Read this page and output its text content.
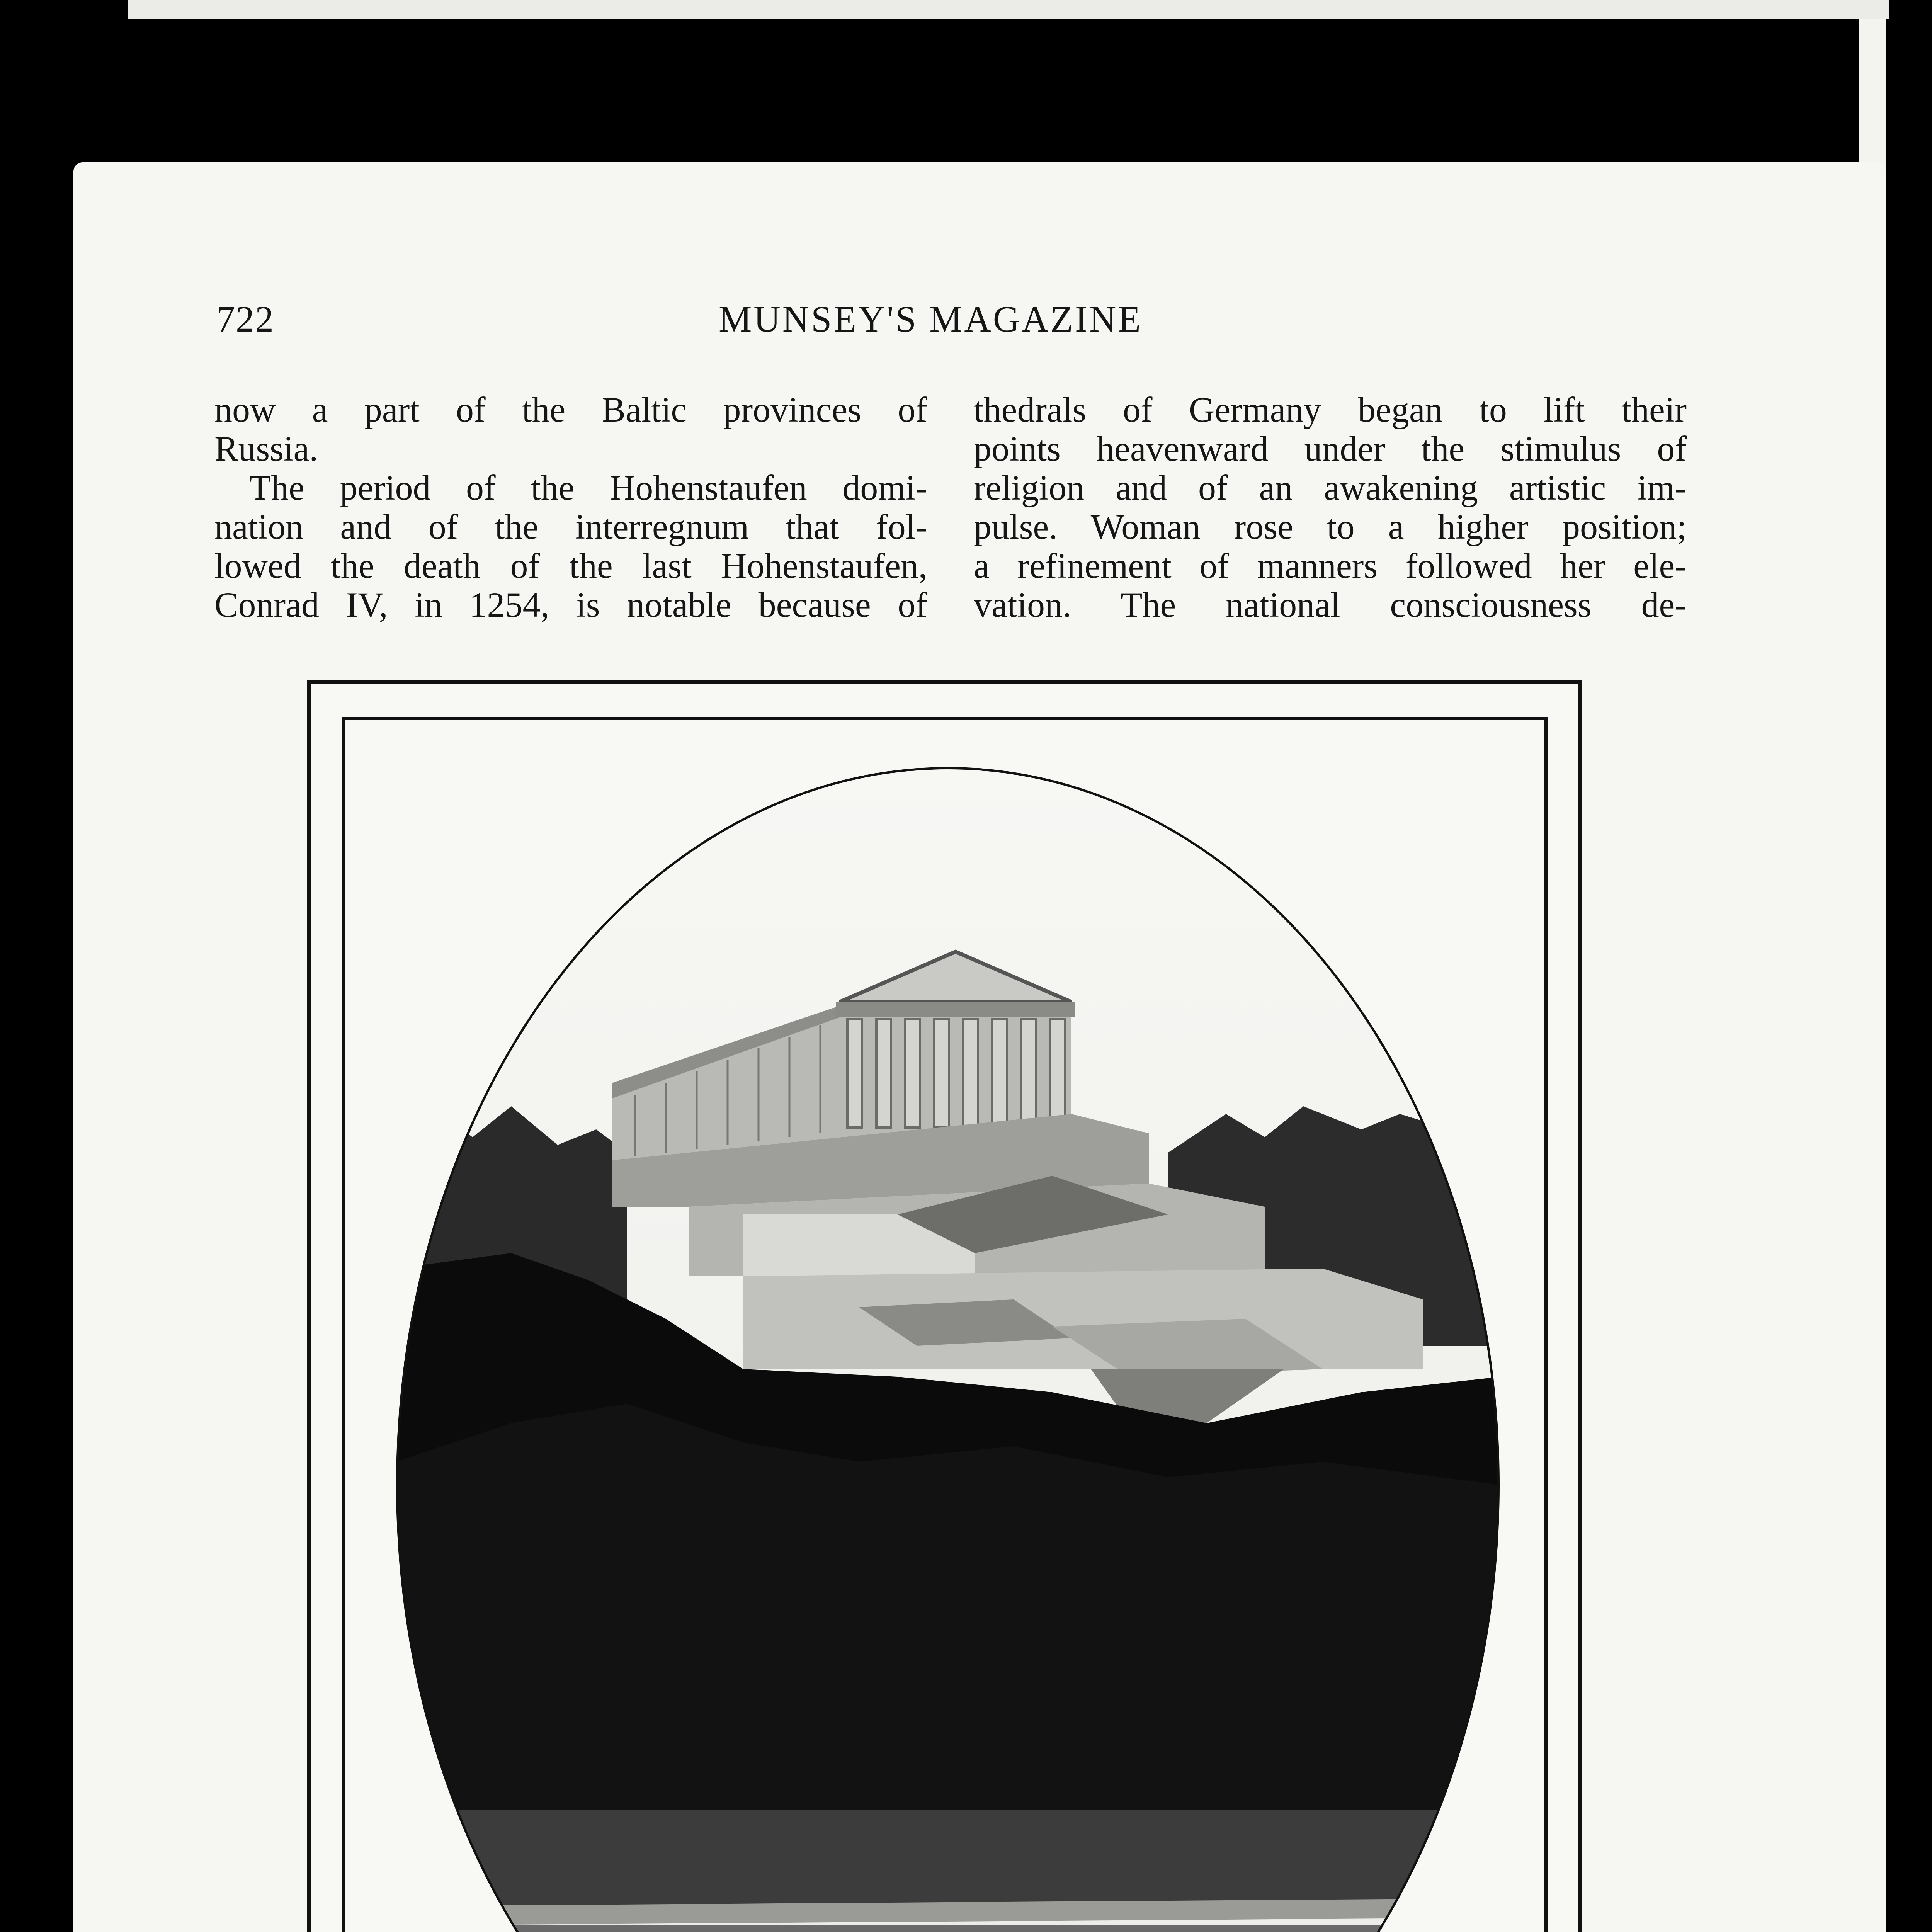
722	MUNSEY'S MAGAZINE
now a part of the Baltic provinces of
Russia.
The period of the Hohenstaufen domi-
nation and of the interregnum that fol-
lowed the death of the last Hohenstaufen,
Conrad IV, in 1254, is notable because of
thedrals of Germany began to lift their
points heavenward under the stimulus of
religion and of an awakening artistic im-
pulse. Woman rose to a higher position;
a refinement of manners followed her ele-
vation. The national consciousness de-
